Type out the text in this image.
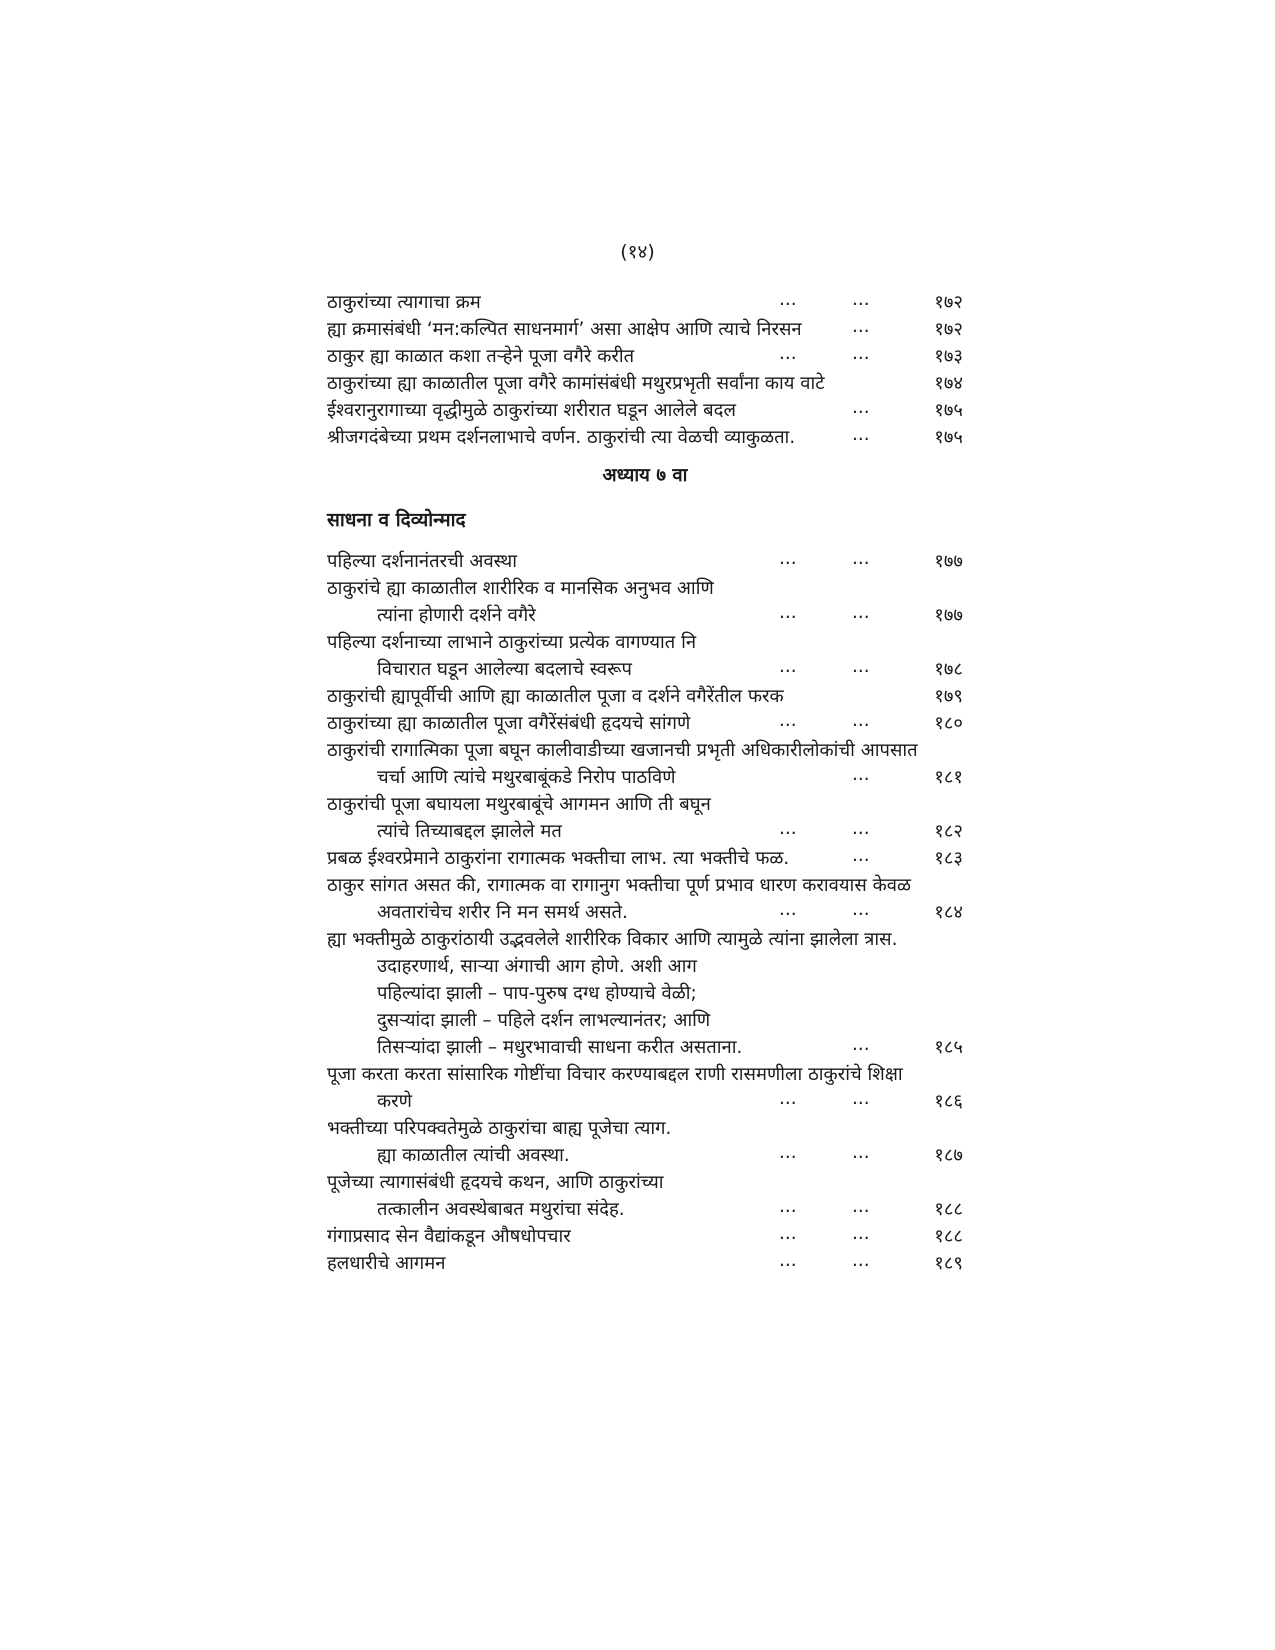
(१४)
ठाकुरांच्या त्यागाचा क्रम	...	...	१७२
ह्या क्रमासंबंधी ‘मन:कल्पित साधनमार्ग’ असा आक्षेप आणि त्याचे निरसन	...	१७२
ठाकुर ह्या काळात कशा तऱ्हेने पूजा वगैरे करीत	...	...	१७३
ठाकुरांच्या ह्या काळातील पूजा वगैरे कामांसंबंधी मथुरप्रभृती सर्वांना काय वाटे	१७४
ईश्वरानुरागाच्या वृद्धीमुळे ठाकुरांच्या शरीरात घडून आलेले बदल	...	१७५
श्रीजगदंबेच्या प्रथम दर्शनलाभाचे वर्णन. ठाकुरांची त्या वेळची व्याकुळता.	...	१७५
अध्याय ७ वा
साधना व दिव्योन्माद
पहिल्या दर्शनानंतरची अवस्था	...	...	१७७
ठाकुरांचे ह्या काळातील शारीरिक व मानसिक अनुभव आणि
त्यांना होणारी दर्शने वगैरे	...	...	१७७
पहिल्या दर्शनाच्या लाभाने ठाकुरांच्या प्रत्येक वागण्यात नि
विचारात घडून आलेल्या बदलाचे स्वरूप	...	...	१७८
ठाकुरांची ह्यापूर्वीची आणि ह्या काळातील पूजा व दर्शने वगैरेंतील फरक	१७९
ठाकुरांच्या ह्या काळातील पूजा वगैरेंसंबंधी हृदयचे सांगणे	...	...	१८०
ठाकुरांची रागात्मिका पूजा बघून कालीवाडीच्या खजानची प्रभृती अधिकारीलोकांची आपसात
चर्चा आणि त्यांचे मथुरबाबूंकडे निरोप पाठविणे	...	१८१
ठाकुरांची पूजा बघायला मथुरबाबूंचे आगमन आणि ती बघून
त्यांचे तिच्याबद्दल झालेले मत	...	...	१८२
प्रबळ ईश्वरप्रेमाने ठाकुरांना रागात्मक भक्तीचा लाभ. त्या भक्तीचे फळ.	...	१८३
ठाकुर सांगत असत की, रागात्मक वा रागानुग भक्तीचा पूर्ण प्रभाव धारण करावयास केवळ
अवतारांचेच शरीर नि मन समर्थ असते.	...	...	१८४
ह्या भक्तीमुळे ठाकुरांठायी उद्भवलेले शारीरिक विकार आणि त्यामुळे त्यांना झालेला त्रास.
उदाहरणार्थ, साऱ्या अंगाची आग होणे. अशी आग
पहिल्यांदा झाली – पाप-पुरुष दग्ध होण्याचे वेळी;
दुसऱ्यांदा झाली – पहिले दर्शन लाभल्यानंतर; आणि
तिसऱ्यांदा झाली – मधुरभावाची साधना करीत असताना.	...	१८५
पूजा करता करता सांसारिक गोष्टींचा विचार करण्याबद्दल राणी रासमणीला ठाकुरांचे शिक्षा
करणे	...	...	१८६
भक्तीच्या परिपक्वतेमुळे ठाकुरांचा बाह्य पूजेचा त्याग.
ह्या काळातील त्यांची अवस्था.	...	...	१८७
पूजेच्या त्यागासंबंधी हृदयचे कथन, आणि ठाकुरांच्या
तत्कालीन अवस्थेबाबत मथुरांचा संदेह.	...	...	१८८
गंगाप्रसाद सेन वैद्यांकडून औषधोपचार	...	...	१८८
हलधारीचे आगमन	...	...	१८९
